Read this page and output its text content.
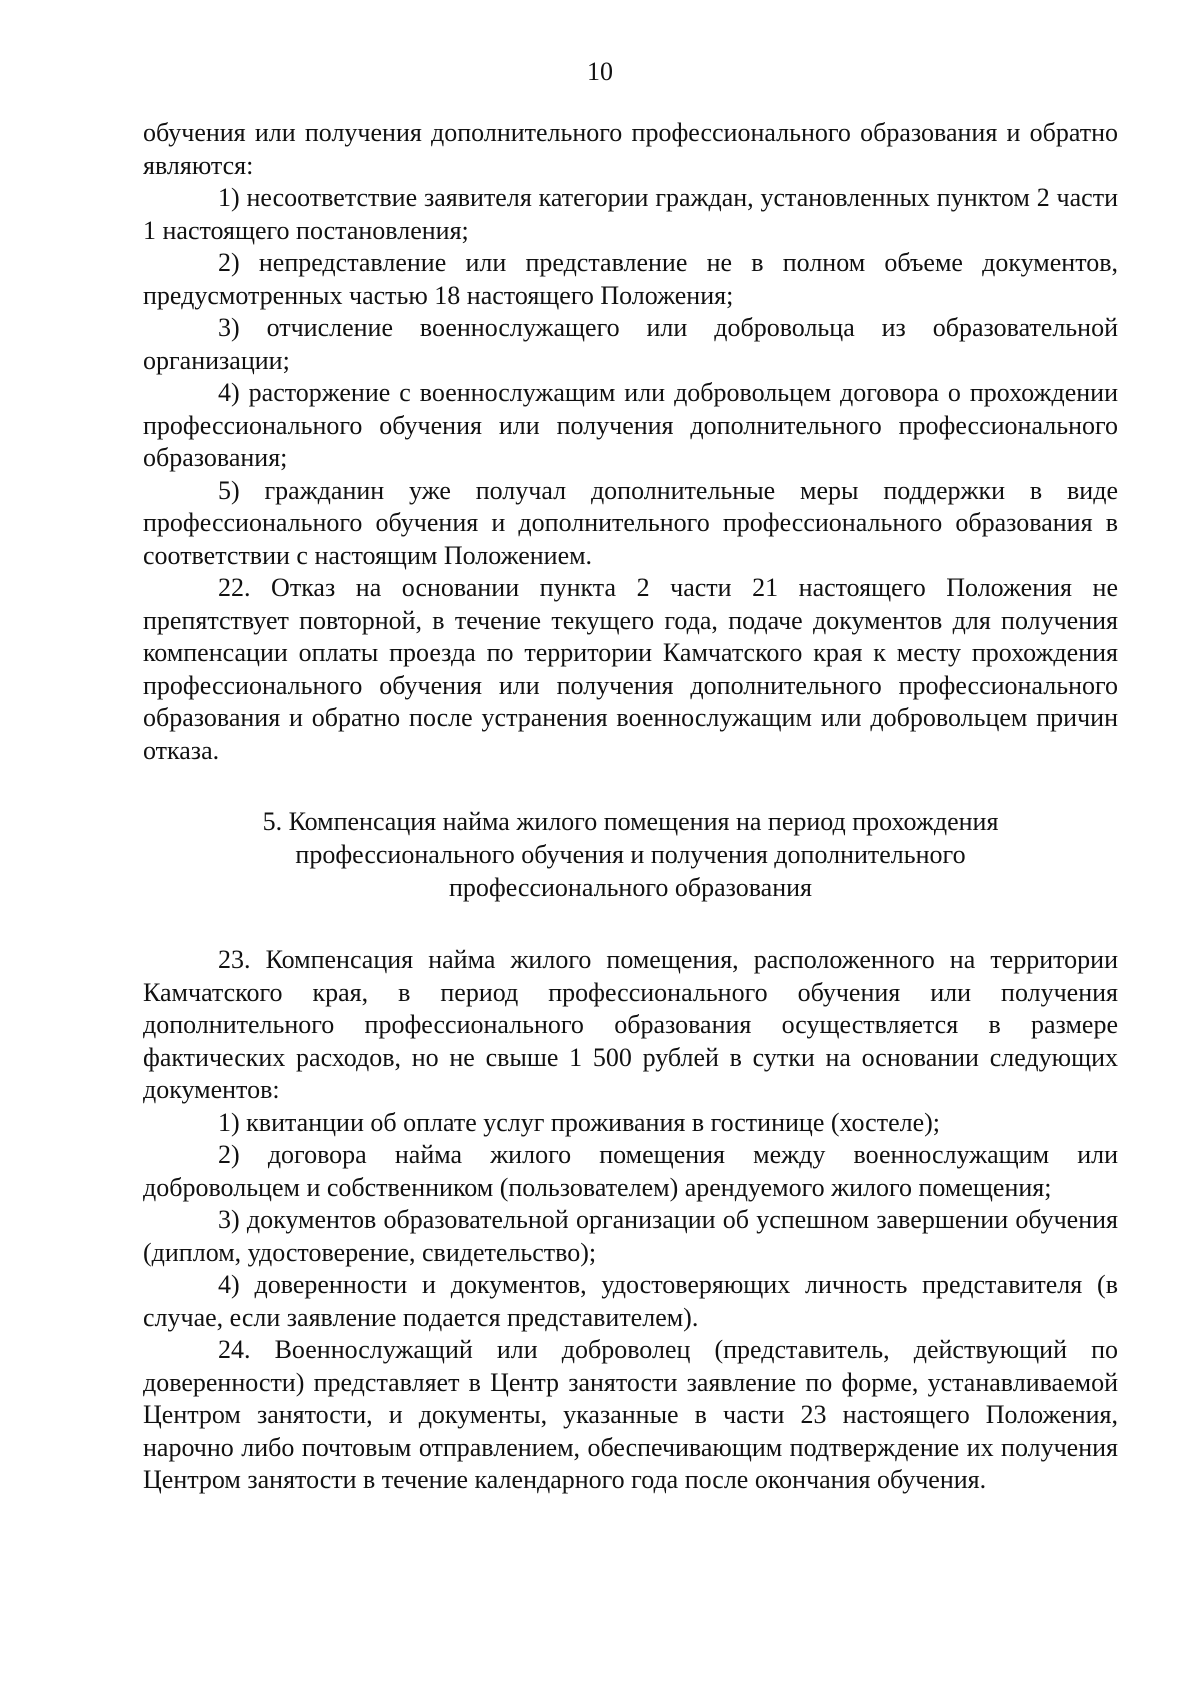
10

обучения или получения дополнительного профессионального образования и обратно являются:

1) несоответствие заявителя категории граждан, установленных пунктом 2 части 1 настоящего постановления;

2) непредставление или представление не в полном объеме документов, предусмотренных частью 18 настоящего Положения;

3) отчисление военнослужащего или добровольца из образовательной организации;

4) расторжение с военнослужащим или добровольцем договора о прохождении профессионального обучения или получения дополнительного профессионального образования;

5) гражданин уже получал дополнительные меры поддержки в виде профессионального обучения и дополнительного профессионального образования в соответствии с настоящим Положением.

22. Отказ на основании пункта 2 части 21 настоящего Положения не препятствует повторной, в течение текущего года, подаче документов для получения компенсации оплаты проезда по территории Камчатского края к месту прохождения профессионального обучения или получения дополнительного профессионального образования и обратно после устранения военнослужащим или добровольцем причин отказа.

5. Компенсация найма жилого помещения на период прохождения
профессионального обучения и получения дополнительного
профессионального образования

23. Компенсация найма жилого помещения, расположенного на территории Камчатского края, в период профессионального обучения или получения дополнительного профессионального образования осуществляется в размере фактических расходов, но не свыше 1 500 рублей в сутки на основании следующих документов:

1) квитанции об оплате услуг проживания в гостинице (хостеле);

2) договора найма жилого помещения между военнослужащим или добровольцем и собственником (пользователем) арендуемого жилого помещения;

3) документов образовательной организации об успешном завершении обучения (диплом, удостоверение, свидетельство);

4) доверенности и документов, удостоверяющих личность представителя (в случае, если заявление подается представителем).

24. Военнослужащий или доброволец (представитель, действующий по доверенности) представляет в Центр занятости заявление по форме, устанавливаемой Центром занятости, и документы, указанные в части 23 настоящего Положения, нарочно либо почтовым отправлением, обеспечивающим подтверждение их получения Центром занятости в течение календарного года после окончания обучения.
